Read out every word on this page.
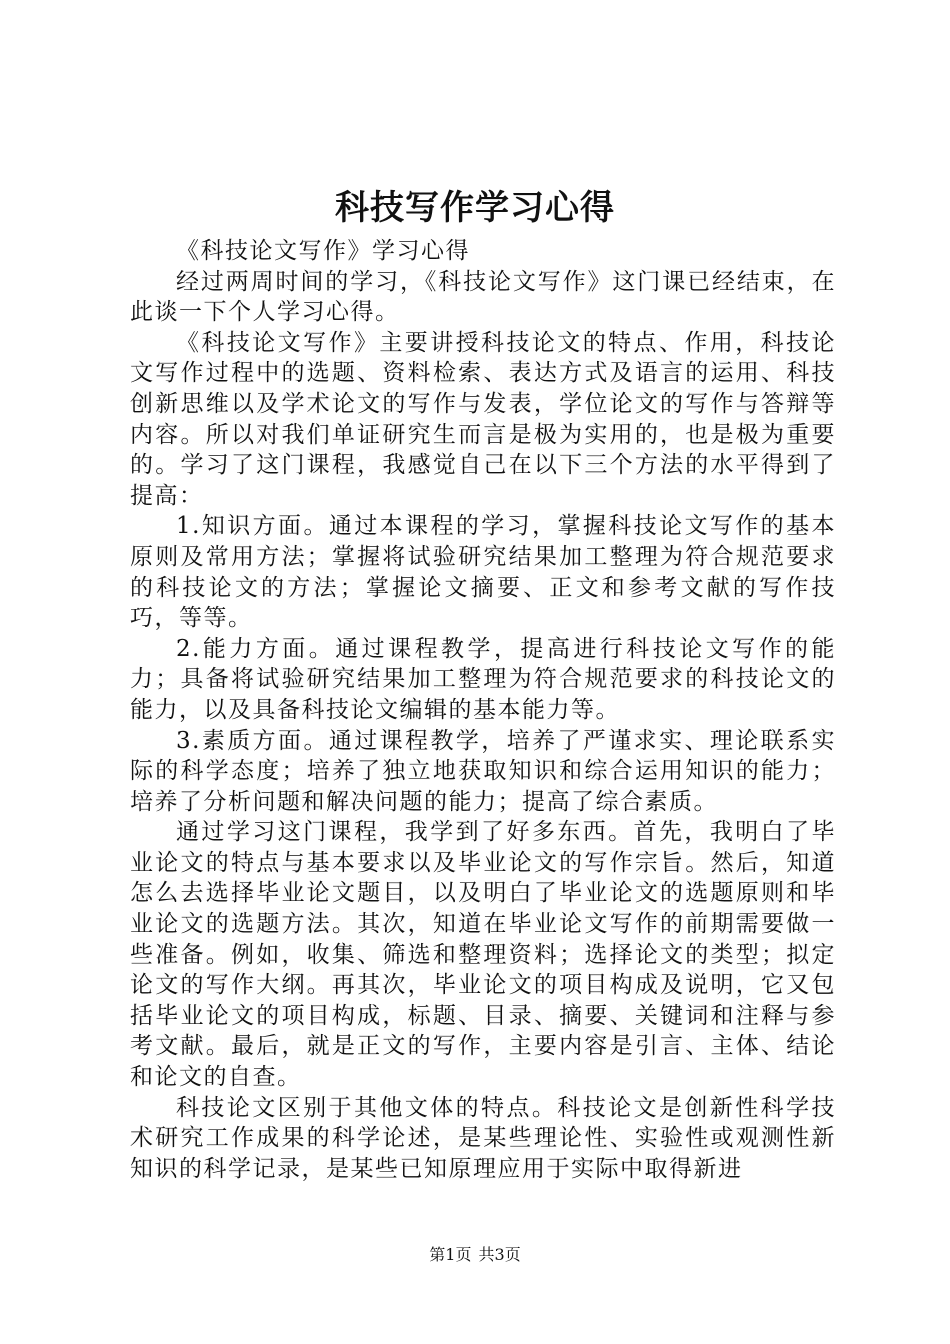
科技写作学习心得

《科技论文写作》学习心得

经过两周时间的学习，《科技论文写作》这门课已经结束，在此谈一下个人学习心得。

《科技论文写作》主要讲授科技论文的特点、作用，科技论文写作过程中的选题、资料检索、表达方式及语言的运用、科技创新思维以及学术论文的写作与发表，学位论文的写作与答辩等内容。所以对我们单证研究生而言是极为实用的，也是极为重要的。学习了这门课程，我感觉自己在以下三个方法的水平得到了提高：

1.知识方面。通过本课程的学习，掌握科技论文写作的基本原则及常用方法；掌握将试验研究结果加工整理为符合规范要求的科技论文的方法；掌握论文摘要、正文和参考文献的写作技巧，等等。

2.能力方面。通过课程教学，提高进行科技论文写作的能力；具备将试验研究结果加工整理为符合规范要求的科技论文的能力，以及具备科技论文编辑的基本能力等。

3.素质方面。通过课程教学，培养了严谨求实、理论联系实际的科学态度；培养了独立地获取知识和综合运用知识的能力；培养了分析问题和解决问题的能力；提高了综合素质。

通过学习这门课程，我学到了好多东西。首先，我明白了毕业论文的特点与基本要求以及毕业论文的写作宗旨。然后，知道怎么去选择毕业论文题目，以及明白了毕业论文的选题原则和毕业论文的选题方法。其次，知道在毕业论文写作的前期需要做一些准备。例如，收集、筛选和整理资料；选择论文的类型；拟定论文的写作大纲。再其次，毕业论文的项目构成及说明，它又包括毕业论文的项目构成，标题、目录、摘要、关键词和注释与参考文献。最后，就是正文的写作，主要内容是引言、主体、结论和论文的自查。

科技论文区别于其他文体的特点。科技论文是创新性科学技术研究工作成果的科学论述，是某些理论性、实验性或观测性新知识的科学记录，是某些已知原理应用于实际中取得新进

第1页 共3页
